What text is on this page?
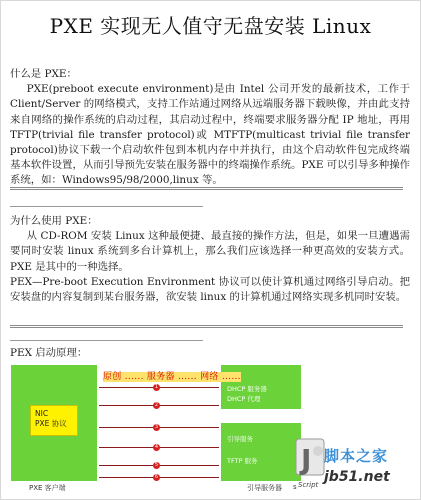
PXE 实现无人值守无盘安装 Linux
什么是 PXE：

PXE(preboot execute environment)是由 Intel 公司开发的最新技术，工作于 Client/Server 的网络模式，支持工作站通过网络从远端服务器下载映像，并由此支持来自网络的操作系统的启动过程，其启动过程中，终端要求服务器分配 IP 地址，再用 TFTP(trivial file transfer protocol)或 MTFTP(multicast trivial file transfer protocol)协议下载一个启动软件包到本机内存中并执行，由这个启动软件包完成终端基本软件设置，从而引导预先安装在服务器中的终端操作系统。PXE 可以引导多种操作系统，如：Windows95/98/2000,linux 等。

为什么使用 PXE：

从 CD-ROM 安装 Linux 这种最便捷、最直接的操作方法，但是，如果一旦遭遇需要同时安装 linux 系统到多台计算机上，那么我们应该选择一种更高效的安装方式。PXE 是其中的一种选择。

PEX—Pre-boot Execution Environment 协议可以使计算机通过网络引导启动。把安装盘的内容复制到某台服务器，欲安装 linux 的计算机通过网络实现多机同时安装。

PEX 启动原理：
NIC
PXE 协议
PXE 客户端
DHCP 服务器
DHCP 代理
引导服务
TFTP 服务
引导服务器 s
1
2
3
4
5
6
原创 ...... 服务器 ...... 网络 ......
J 脚本之家
jb51.net
Script
